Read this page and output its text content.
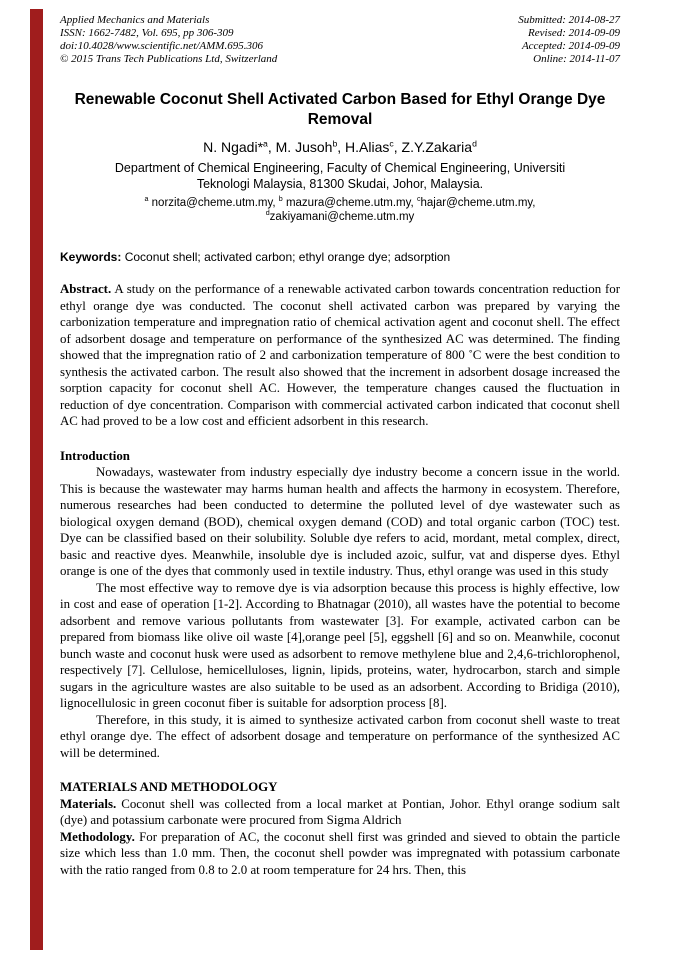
Applied Mechanics and Materials
ISSN: 1662-7482, Vol. 695, pp 306-309
doi:10.4028/www.scientific.net/AMM.695.306
© 2015 Trans Tech Publications Ltd, Switzerland
Submitted: 2014-08-27
Revised: 2014-09-09
Accepted: 2014-09-09
Online: 2014-11-07
Renewable Coconut Shell Activated Carbon Based for Ethyl Orange Dye Removal
N. Ngadi*$^a$, M. Jusoh$^b$, H.Alias$^c$, Z.Y.Zakaria$^d$
Department of Chemical Engineering, Faculty of Chemical Engineering, Universiti Teknologi Malaysia, 81300 Skudai, Johor, Malaysia.
$^a$ norzita@cheme.utm.my, $^b$ mazura@cheme.utm.my, $^c$hajar@cheme.utm.my,
$^d$zakiyamani@cheme.utm.my
Keywords: Coconut shell; activated carbon; ethyl orange dye; adsorption

Abstract. A study on the performance of a renewable activated carbon towards concentration reduction for ethyl orange dye was conducted. The coconut shell activated carbon was prepared by varying the carbonization temperature and impregnation ratio of chemical activation agent and coconut shell. The effect of adsorbent dosage and temperature on performance of the synthesized AC was determined. The finding showed that the impregnation ratio of 2 and carbonization temperature of 800 ˚C were the best condition to synthesis the activated carbon. The result also showed that the increment in adsorbent dosage increased the sorption capacity for coconut shell AC. However, the temperature changes caused the fluctuation in reduction of dye concentration. Comparison with commercial activated carbon indicated that coconut shell AC had proved to be a low cost and efficient adsorbent in this research.

Introduction

Nowadays, wastewater from industry especially dye industry become a concern issue in the world. This is because the wastewater may harms human health and affects the harmony in ecosystem. Therefore, numerous researches had been conducted to determine the polluted level of dye wastewater such as biological oxygen demand (BOD), chemical oxygen demand (COD) and total organic carbon (TOC) test. Dye can be classified based on their solubility. Soluble dye refers to acid, mordant, metal complex, direct, basic and reactive dyes. Meanwhile, insoluble dye is included azoic, sulfur, vat and disperse dyes. Ethyl orange is one of the dyes that commonly used in textile industry. Thus, ethyl orange was used in this study

The most effective way to remove dye is via adsorption because this process is highly effective, low in cost and ease of operation [1-2]. According to Bhatnagar (2010), all wastes have the potential to become adsorbent and remove various pollutants from wastewater [3]. For example, activated carbon can be prepared from biomass like olive oil waste [4],orange peel [5], eggshell [6] and so on. Meanwhile, coconut bunch waste and coconut husk were used as adsorbent to remove methylene blue and 2,4,6-trichlorophenol, respectively [7]. Cellulose, hemicelluloses, lignin, lipids, proteins, water, hydrocarbon, starch and simple sugars in the agriculture wastes are also suitable to be used as an adsorbent. According to Bridiga (2010), lignocellulosic in green coconut fiber is suitable for adsorption process [8].

Therefore, in this study, it is aimed to synthesize activated carbon from coconut shell waste to treat ethyl orange dye. The effect of adsorbent dosage and temperature on performance of the synthesized AC will be determined.

MATERIALS AND METHODOLOGY

Materials. Coconut shell was collected from a local market at Pontian, Johor. Ethyl orange sodium salt (dye) and potassium carbonate were procured from Sigma Aldrich

Methodology. For preparation of AC, the coconut shell first was grinded and sieved to obtain the particle size which less than 1.0 mm. Then, the coconut shell powder was impregnated with potassium carbonate with the ratio ranged from 0.8 to 2.0 at room temperature for 24 hrs. Then, this
